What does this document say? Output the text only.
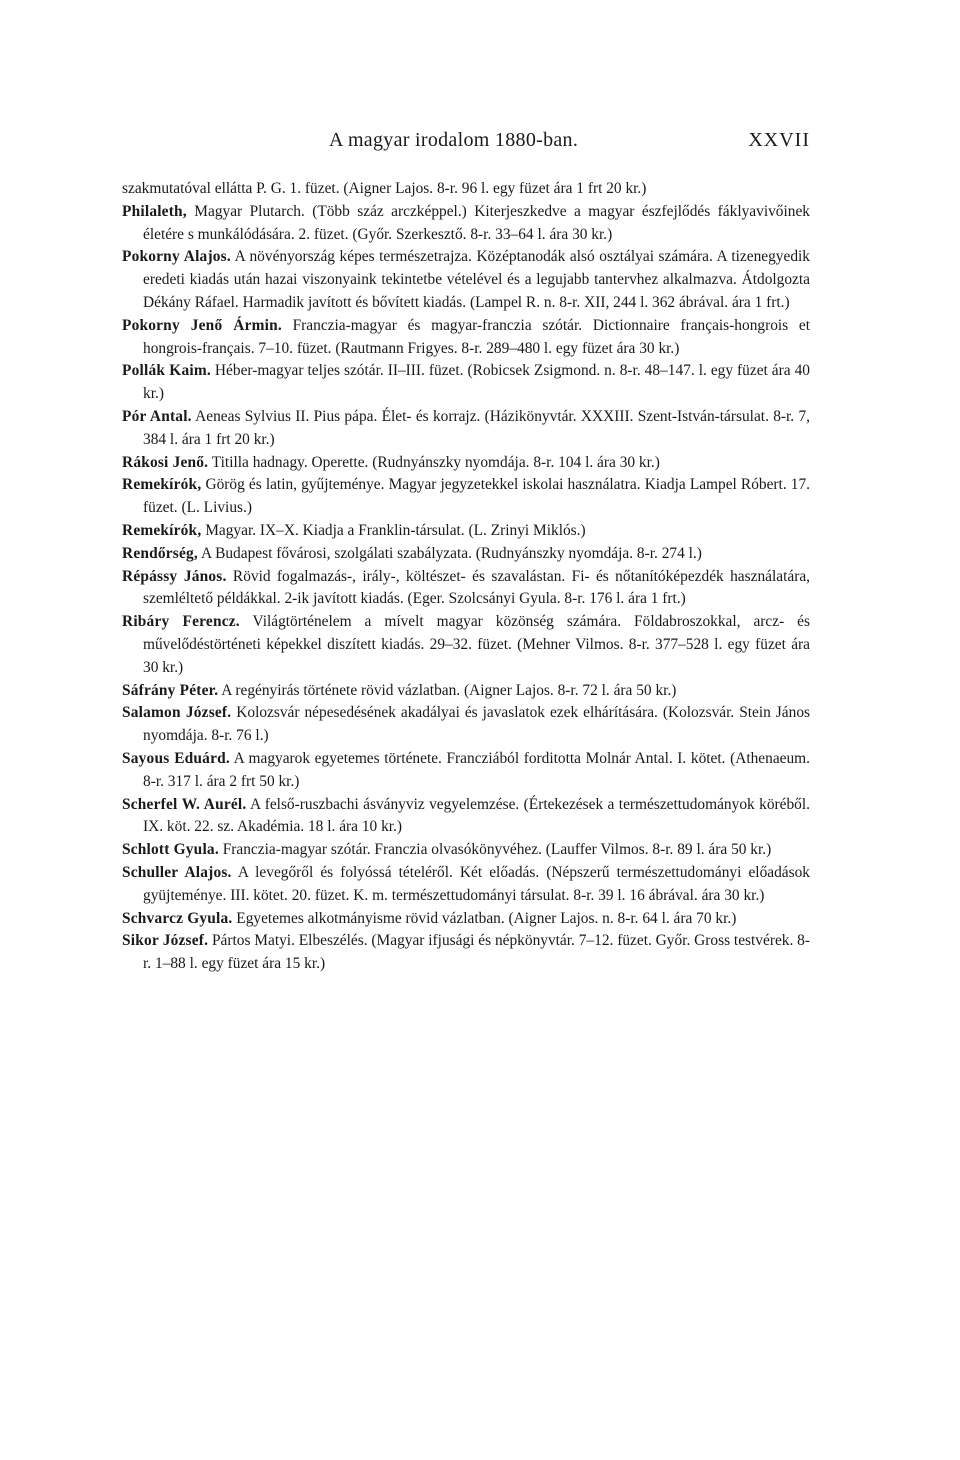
A magyar irodalom 1880-ban.	XXVII

szakmutatóval ellátta P. G. 1. füzet. (Aigner Lajos. 8-r. 96 l. egy füzet ára 1 frt 20 kr.)

Philaleth, Magyar Plutarch. (Több száz arczképpel.) Kiterjeszkedve a magyar észfejlődés fáklyavivőinek életére s munkálódására. 2. füzet. (Győr. Szerkesztő. 8-r. 33–64 l. ára 30 kr.)

Pokorny Alajos. A növényország képes természetrajza. Középtanodák alsó osztályai számára. A tizenegyedik eredeti kiadás után hazai viszonyaink tekintetbe vételével és a legujabb tantervhez alkalmazva. Átdolgozta Dékány Ráfael. Harmadik javított és bővített kiadás. (Lampel R. n. 8-r. XII, 244 l. 362 ábrával. ára 1 frt.)

Pokorny Jenő Ármin. Franczia-magyar és magyar-franczia szótár. Dictionnaire français-hongrois et hongrois-français. 7–10. füzet. (Rautmann Frigyes. 8-r. 289–480 l. egy füzet ára 30 kr.)

Pollák Kaim. Héber-magyar teljes szótár. II–III. füzet. (Robicsek Zsigmond. n. 8-r. 48–147. l. egy füzet ára 40 kr.)

Pór Antal. Aeneas Sylvius II. Pius pápa. Élet- és korrajz. (Házikönyvtár. XXXIII. Szent-István-társulat. 8-r. 7, 384 l. ára 1 frt 20 kr.)

Rákosi Jenő. Titilla hadnagy. Operette. (Rudnyánszky nyomdája. 8-r. 104 l. ára 30 kr.)

Remekírók, Görög és latin, gyűjteménye. Magyar jegyzetekkel iskolai használatra. Kiadja Lampel Róbert. 17. füzet. (L. Livius.)

Remekírók, Magyar. IX–X. Kiadja a Franklin-társulat. (L. Zrinyi Miklós.)

Rendőrség, A Budapest fővárosi, szolgálati szabályzata. (Rudnyánszky nyomdája. 8-r. 274 l.)

Répássy János. Rövid fogalmazás-, irály-, költészet- és szavalástan. Fi- és nőtanítóképezdék használatára, szemléltető példákkal. 2-ik javított kiadás. (Eger. Szolcsányi Gyula. 8-r. 176 l. ára 1 frt.)

Ribáry Ferencz. Világtörténelem a mívelt magyar közönség számára. Földabroszokkal, arcz- és művelődéstörténeti képekkel diszített kiadás. 29–32. füzet. (Mehner Vilmos. 8-r. 377–528 l. egy füzet ára 30 kr.)

Sáfrány Péter. A regényirás története rövid vázlatban. (Aigner Lajos. 8-r. 72 l. ára 50 kr.)

Salamon József. Kolozsvár népesedésének akadályai és javaslatok ezek elhárítására. (Kolozsvár. Stein János nyomdája. 8-r. 76 l.)

Sayous Eduárd. A magyarok egyetemes története. Francziából forditotta Molnár Antal. I. kötet. (Athenaeum. 8-r. 317 l. ára 2 frt 50 kr.)

Scherfel W. Aurél. A felső-ruszbachi ásványviz vegyelemzése. (Értekezések a természettudományok köréből. IX. köt. 22. sz. Akadémia. 18 l. ára 10 kr.)

Schlott Gyula. Franczia-magyar szótár. Franczia olvasókönyvéhez. (Lauffer Vilmos. 8-r. 89 l. ára 50 kr.)

Schuller Alajos. A levegőről és folyóssá tételéről. Két előadás. (Népszerű természettudományi előadások gyüjteménye. III. kötet. 20. füzet. K. m. természettudományi társulat. 8-r. 39 l. 16 ábrával. ára 30 kr.)

Schvarcz Gyula. Egyetemes alkotmányisme rövid vázlatban. (Aigner Lajos. n. 8-r. 64 l. ára 70 kr.)

Sikor József. Pártos Matyi. Elbeszélés. (Magyar ifjusági és népkönyvtár. 7–12. füzet. Győr. Gross testvérek. 8-r. 1–88 l. egy füzet ára 15 kr.)
